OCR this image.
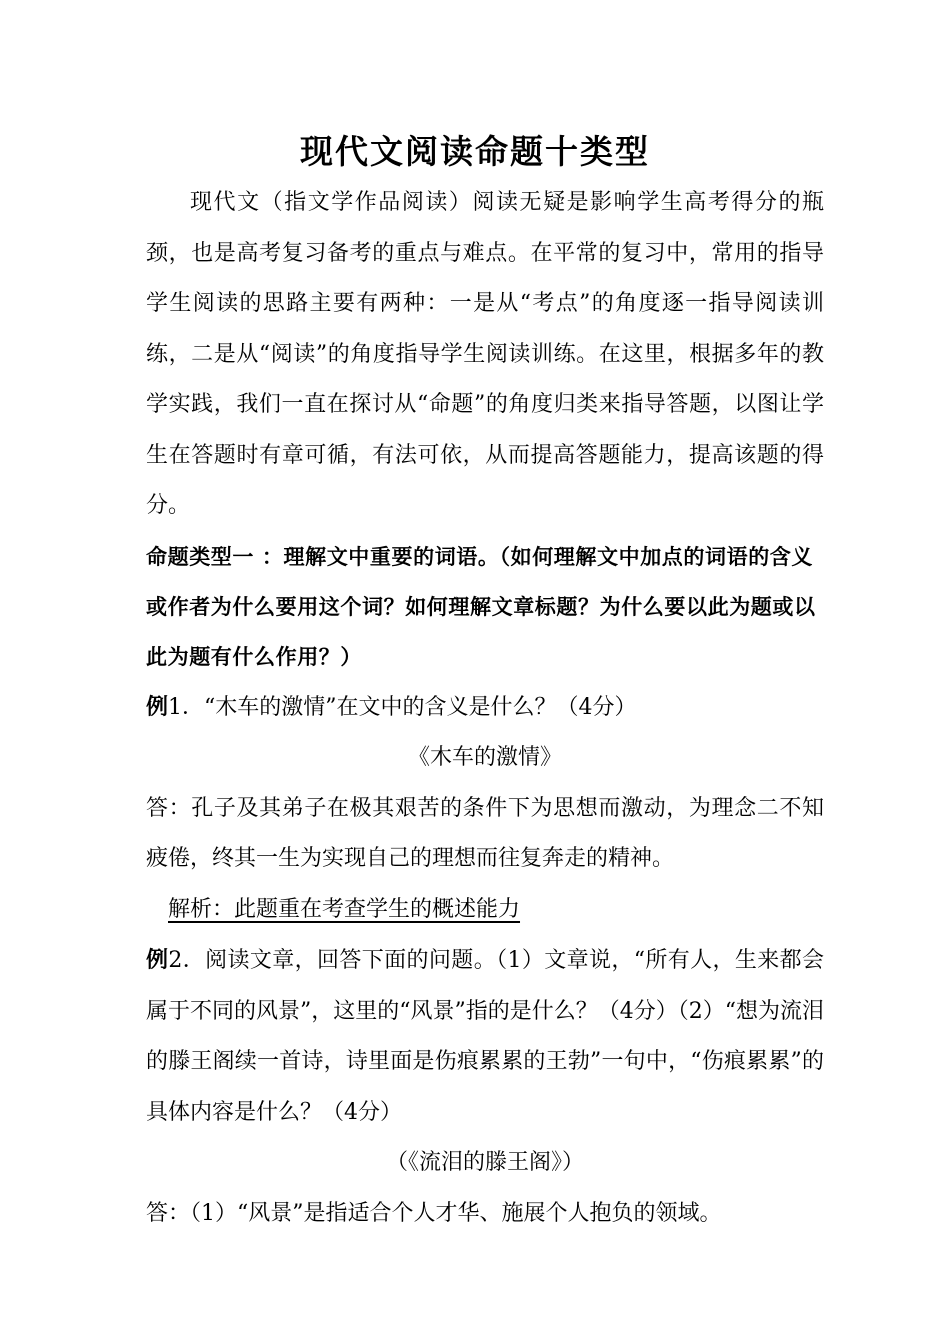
现代文阅读命题十类型

现代文（指文学作品阅读）阅读无疑是影响学生高考得分的瓶颈，也是高考复习备考的重点与难点。在平常的复习中，常用的指导学生阅读的思路主要有两种：一是从“考点”的角度逐一指导阅读训练，二是从“阅读”的角度指导学生阅读训练。在这里，根据多年的教学实践，我们一直在探讨从“命题”的角度归类来指导答题，以图让学生在答题时有章可循，有法可依，从而提高答题能力，提高该题的得分。

命题类型一 ：理解文中重要的词语。（如何理解文中加点的词语的含义或作者为什么要用这个词？如何理解文章标题？为什么要以此为题或以此为题有什么作用？）

例1．“木车的激情”在文中的含义是什么？（4分）

《木车的激情》

答：孔子及其弟子在极其艰苦的条件下为思想而激动，为理念二不知疲倦，终其一生为实现自己的理想而往复奔走的精神。

解析：此题重在考查学生的概述能力

例2．阅读文章，回答下面的问题。（1）文章说，“所有人，生来都会属于不同的风景”，这里的“风景”指的是什么？（4分）（2）“想为流泪的滕王阁续一首诗，诗里面是伤痕累累的王勃”一句中，“伤痕累累”的具体内容是什么？（4分）

（《流泪的滕王阁》）

答：（1）“风景”是指适合个人才华、施展个人抱负的领域。
